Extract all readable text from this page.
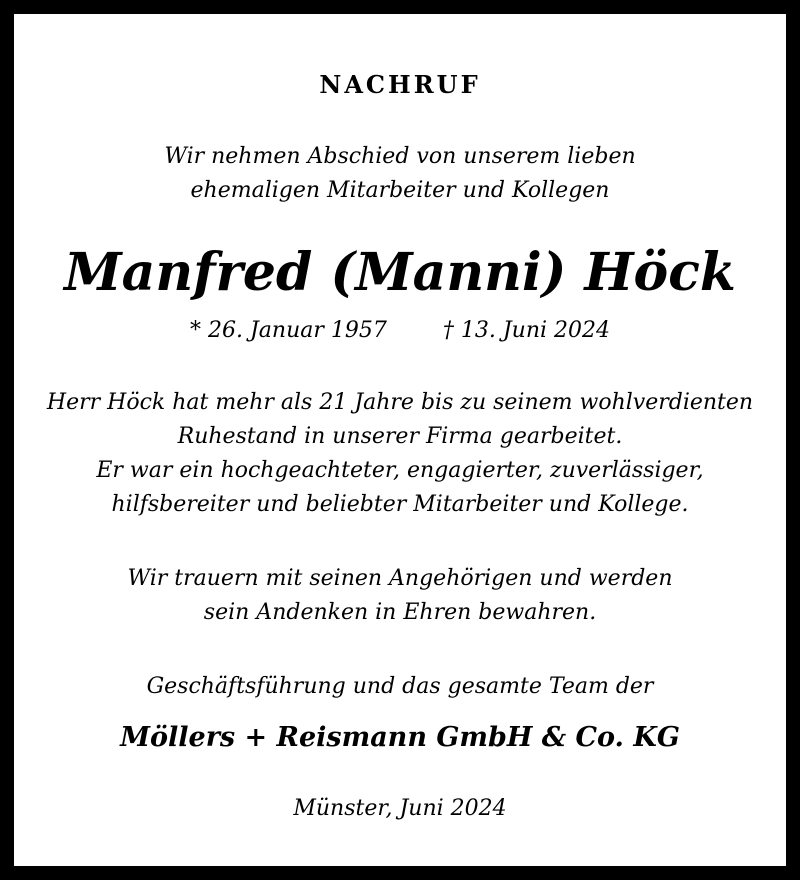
NACHRUF
Wir nehmen Abschied von unserem lieben
ehemaligen Mitarbeiter und Kollegen
Manfred (Manni) Höck
* 26. Januar 1957	† 13. Juni 2024
Herr Höck hat mehr als 21 Jahre bis zu seinem wohlverdienten
Ruhestand in unserer Firma gearbeitet.
Er war ein hochgeachteter, engagierter, zuverlässiger,
hilfsbereiter und beliebter Mitarbeiter und Kollege.
Wir trauern mit seinen Angehörigen und werden
sein Andenken in Ehren bewahren.
Geschäftsführung und das gesamte Team der
Möllers + Reismann GmbH & Co. KG
Münster, Juni 2024
